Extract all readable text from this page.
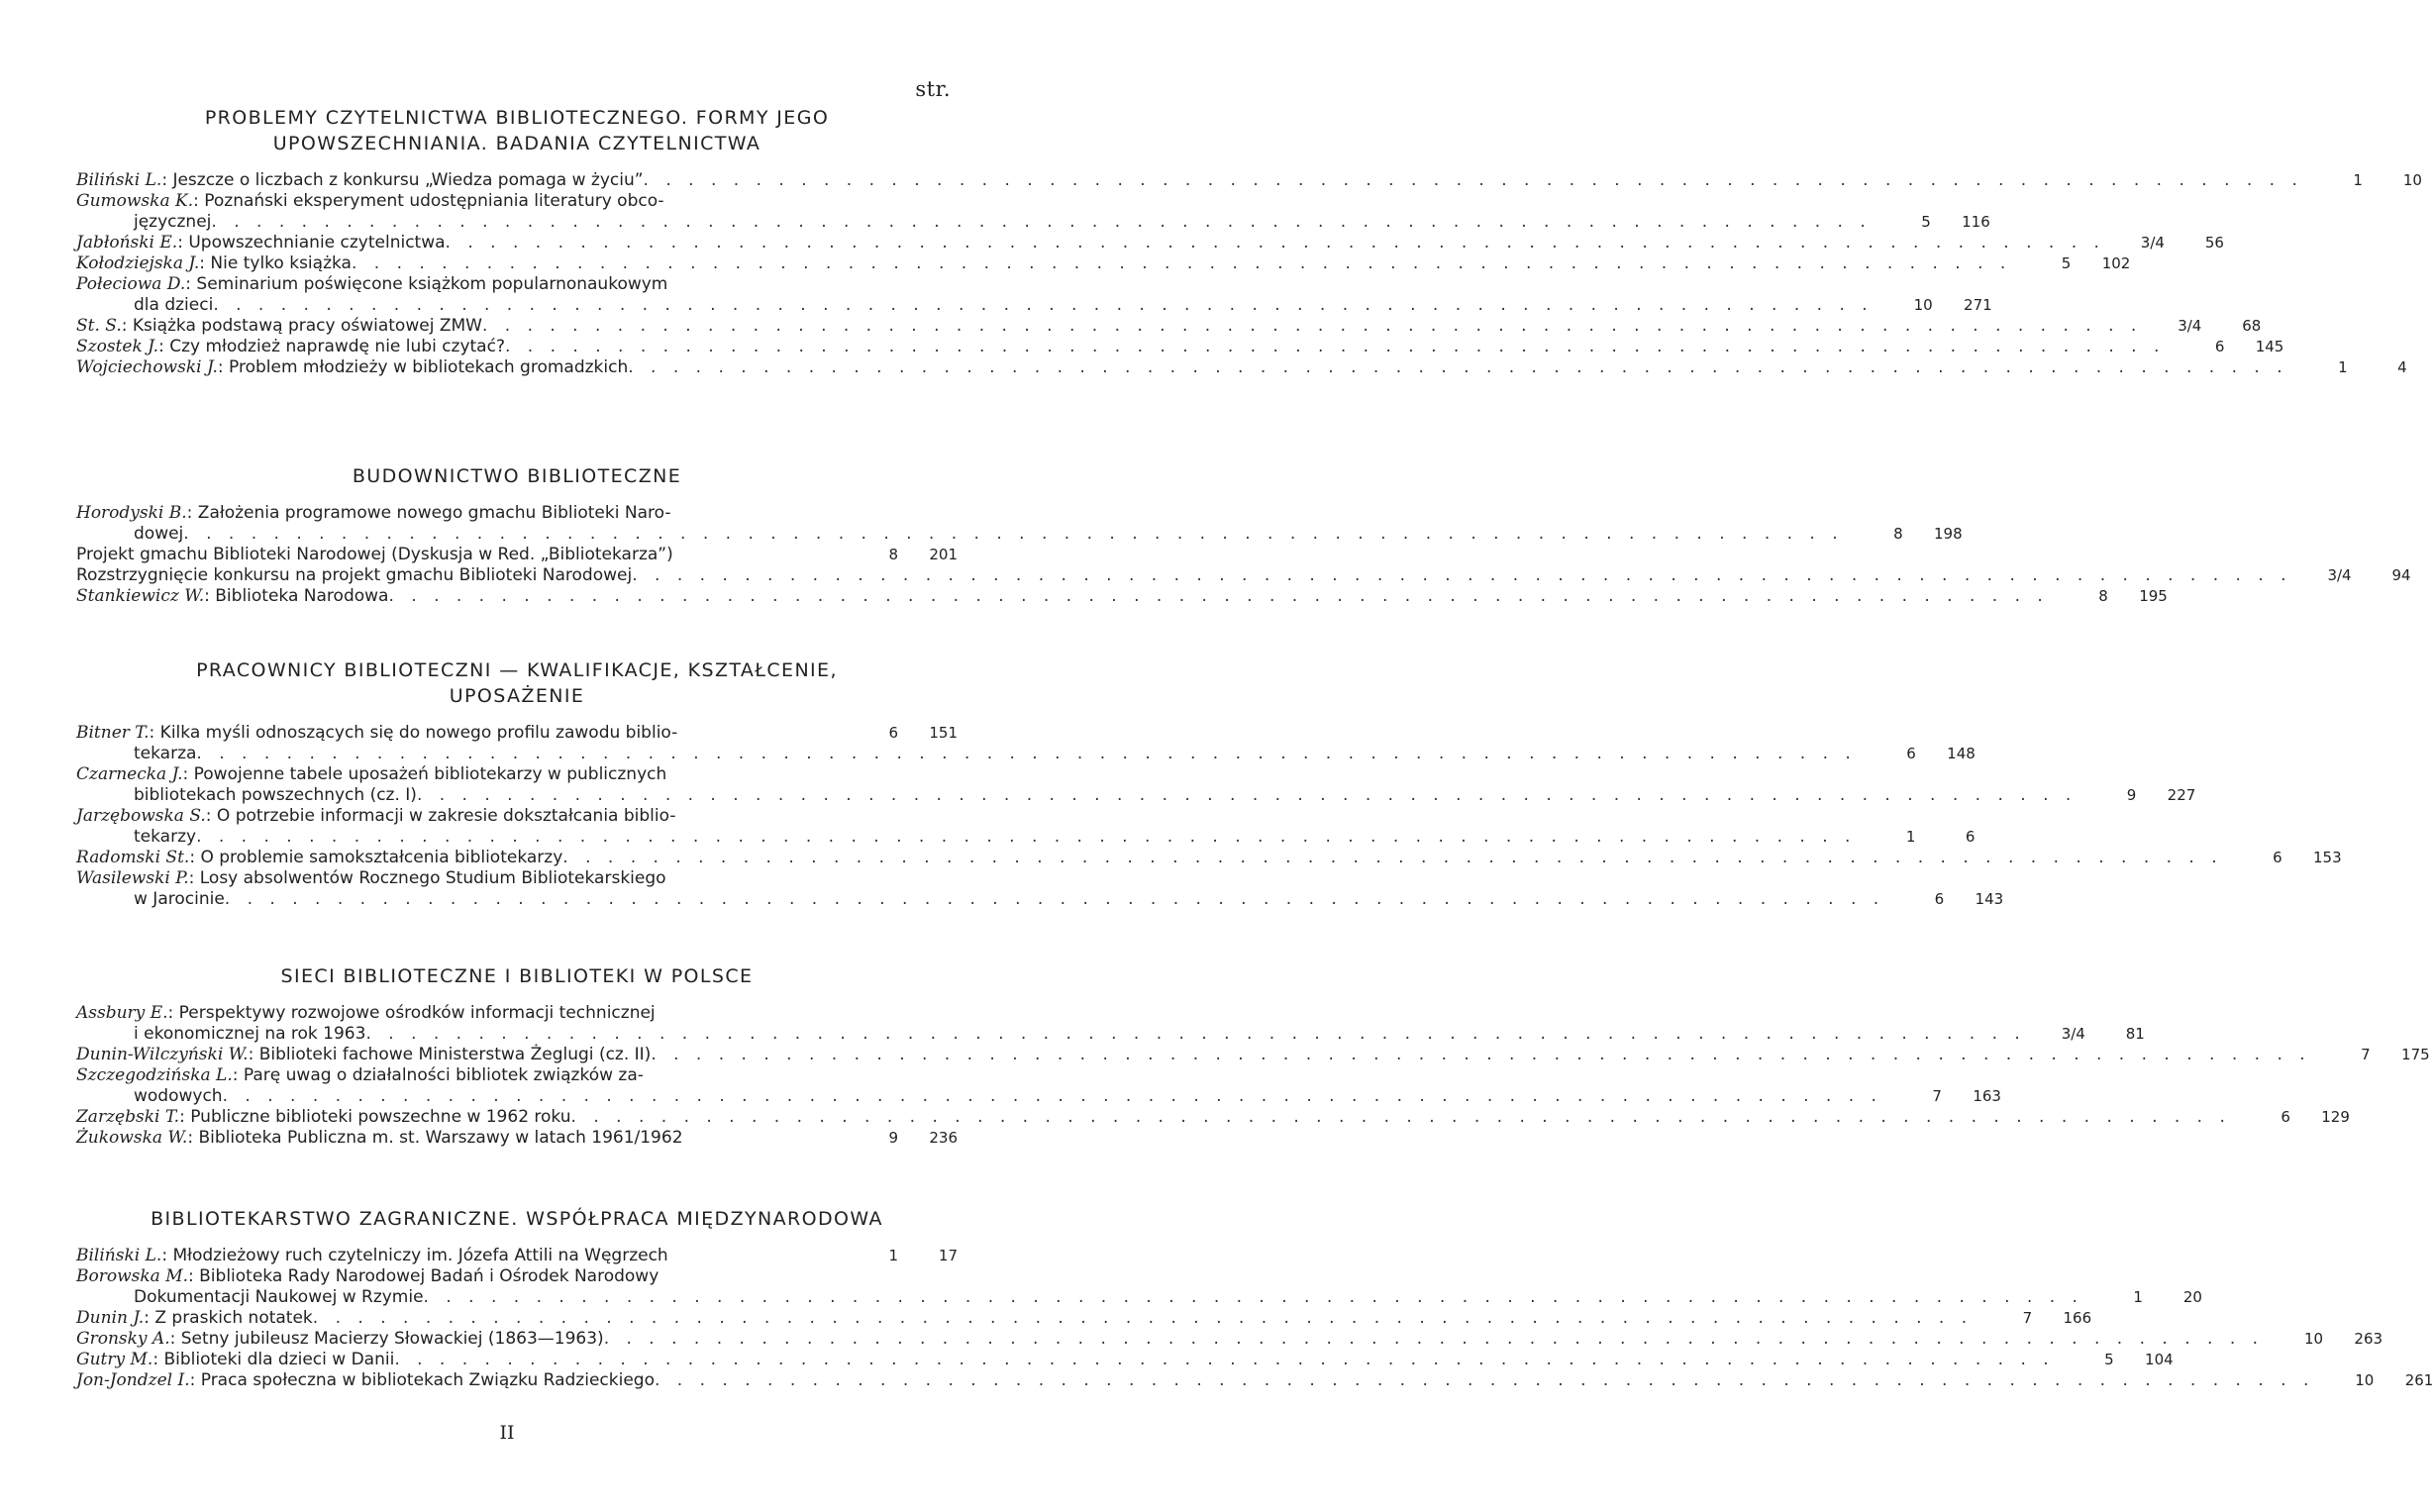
str.
PROBLEMY CZYTELNICTWA BIBLIOTECZNEGO. FORMY JEGO
UPOWSZECHNIANIA. BADANIA CZYTELNICTWA
Biliński L.: Jeszcze o liczbach z konkursu „Wiedza pomaga w życiu” . . .	1	10
Gumowska K.: Poznański eksperyment udostępniania literatury obco-
języcznej . . .	5	116
Jabłoński E.: Upowszechnianie czytelnictwa . . .	3/4	56
Kołodziejska J.: Nie tylko książka . . .	5	102
Połeciowa D.: Seminarium poświęcone książkom popularnonaukowym
dla dzieci . . .	10	271
St. S.: Książka podstawą pracy oświatowej ZMW . . .	3/4	68
Szostek J.: Czy młodzież naprawdę nie lubi czytać? . . .	6	145
Wojciechowski J.: Problem młodzieży w bibliotekach gromadzkich . . .	1	4
BUDOWNICTWO BIBLIOTECZNE
Horodyski B.: Założenia programowe nowego gmachu Biblioteki Naro-
dowej . . .	8	198
Projekt gmachu Biblioteki Narodowej (Dyskusja w Red. „Bibliotekarza”)	8	201
Rozstrzygnięcie konkursu na projekt gmachu Biblioteki Narodowej . . .	3/4	94
Stankiewicz W.: Biblioteka Narodowa . . .	8	195
PRACOWNICY BIBLIOTECZNI — KWALIFIKACJE, KSZTAŁCENIE,
UPOSAŻENIE
Bitner T.: Kilka myśli odnoszących się do nowego profilu zawodu biblio-	6	151
tekarza . . .	6	148
Czarnecka J.: Powojenne tabele uposażeń bibliotekarzy w publicznych
bibliotekach powszechnych (cz. I) . . .	9	227
Jarzębowska S.: O potrzebie informacji w zakresie dokształcania biblio-
tekarzy . . .	1	6
Radomski St.: O problemie samokształcenia bibliotekarzy . . .	6	153
Wasilewski P.: Losy absolwentów Rocznego Studium Bibliotekarskiego
w Jarocinie . . .	6	143
SIECI BIBLIOTECZNE I BIBLIOTEKI W POLSCE
Assbury E.: Perspektywy rozwojowe ośrodków informacji technicznej
i ekonomicznej na rok 1963 . . .	3/4	81
Dunin-Wilczyński W.: Biblioteki fachowe Ministerstwa Żeglugi (cz. II) . . .	7	175
Szczegodzińska L.: Parę uwag o działalności bibliotek związków za-
wodowych . . .	7	163
Zarzębski T.: Publiczne biblioteki powszechne w 1962 roku . . .	6	129
Żukowska W.: Biblioteka Publiczna m. st. Warszawy w latach 1961/1962	9	236
BIBLIOTEKARSTWO ZAGRANICZNE. WSPÓŁPRACA MIĘDZYNARODOWA
Biliński L.: Młodzieżowy ruch czytelniczy im. Józefa Attili na Węgrzech	1	17
Borowska M.: Biblioteka Rady Narodowej Badań i Ośrodek Narodowy
Dokumentacji Naukowej w Rzymie . . .	1	20
Dunin J.: Z praskich notatek . . .	7	166
Gronsky A.: Setny jubileusz Macierzy Słowackiej (1863—1963) . . .	10	263
Gutry M.: Biblioteki dla dzieci w Danii . . .	5	104
Jon-Jondzel I.: Praca społeczna w bibliotekach Związku Radzieckiego . . .	10	261
II
